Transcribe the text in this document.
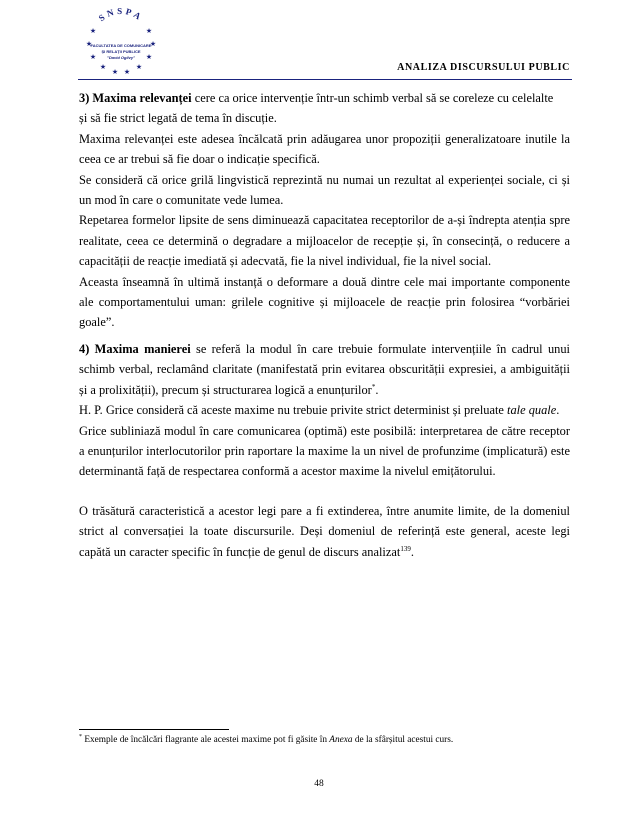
SNSPA
★	★
★	★
★	★
★ ★
★	★
FACULTATEA DE COMUNICARE
ȘI RELAȚII PUBLICE
"David Ogilvy"
ANALIZA DISCURSULUI PUBLIC

3) Maxima relevanței cere ca orice intervenție într-un schimb verbal să se coreleze cu celelalte

și să fie strict legată de tema în discuție.

Maxima relevanței este adesea încălcată prin adăugarea unor propoziții generalizatoare inutile la ceea ce ar trebui să fie doar o indicație specifică.

Se consideră că orice grilă lingvistică reprezintă nu numai un rezultat al experienței sociale, ci și un mod în care o comunitate vede lumea.

Repetarea formelor lipsite de sens diminuează capacitatea receptorilor de a-și îndrepta atenția spre realitate, ceea ce determină o degradare a mijloacelor de recepție și, în consecință, o reducere a capacității de reacție imediată și adecvată, fie la nivel individual, fie la nivel social.

Aceasta înseamnă în ultimă instanță o deformare a două dintre cele mai importante componente ale comportamentului uman: grilele cognitive și mijloacele de reacție prin folosirea “vorbăriei goale”.

4) Maxima manierei se referă la modul în care trebuie formulate intervențiile în cadrul unui schimb verbal, reclamând claritate (manifestată prin evitarea obscurității expresiei, a ambiguității și a prolixității), precum și structurarea logică a enunțurilor*.

H. P. Grice consideră că aceste maxime nu trebuie privite strict determinist și preluate tale quale.

Grice subliniază modul în care comunicarea (optimă) este posibilă: interpretarea de către receptor a enunțurilor interlocutorilor prin raportare la maxime la un nivel de profunzime (implicatură) este determinantă față de respectarea conformă a acestor maxime la nivelul emițătorului.

O trăsătură caracteristică a acestor legi pare a fi extinderea, între anumite limite, de la domeniul strict al conversației la toate discursurile. Deși domeniul de referință este general, aceste legi capătă un caracter specific în funcție de genul de discurs analizat$^{139}$.

* Exemple de încălcări flagrante ale acestei maxime pot fi găsite în Anexa de la sfârșitul acestui curs.
48
